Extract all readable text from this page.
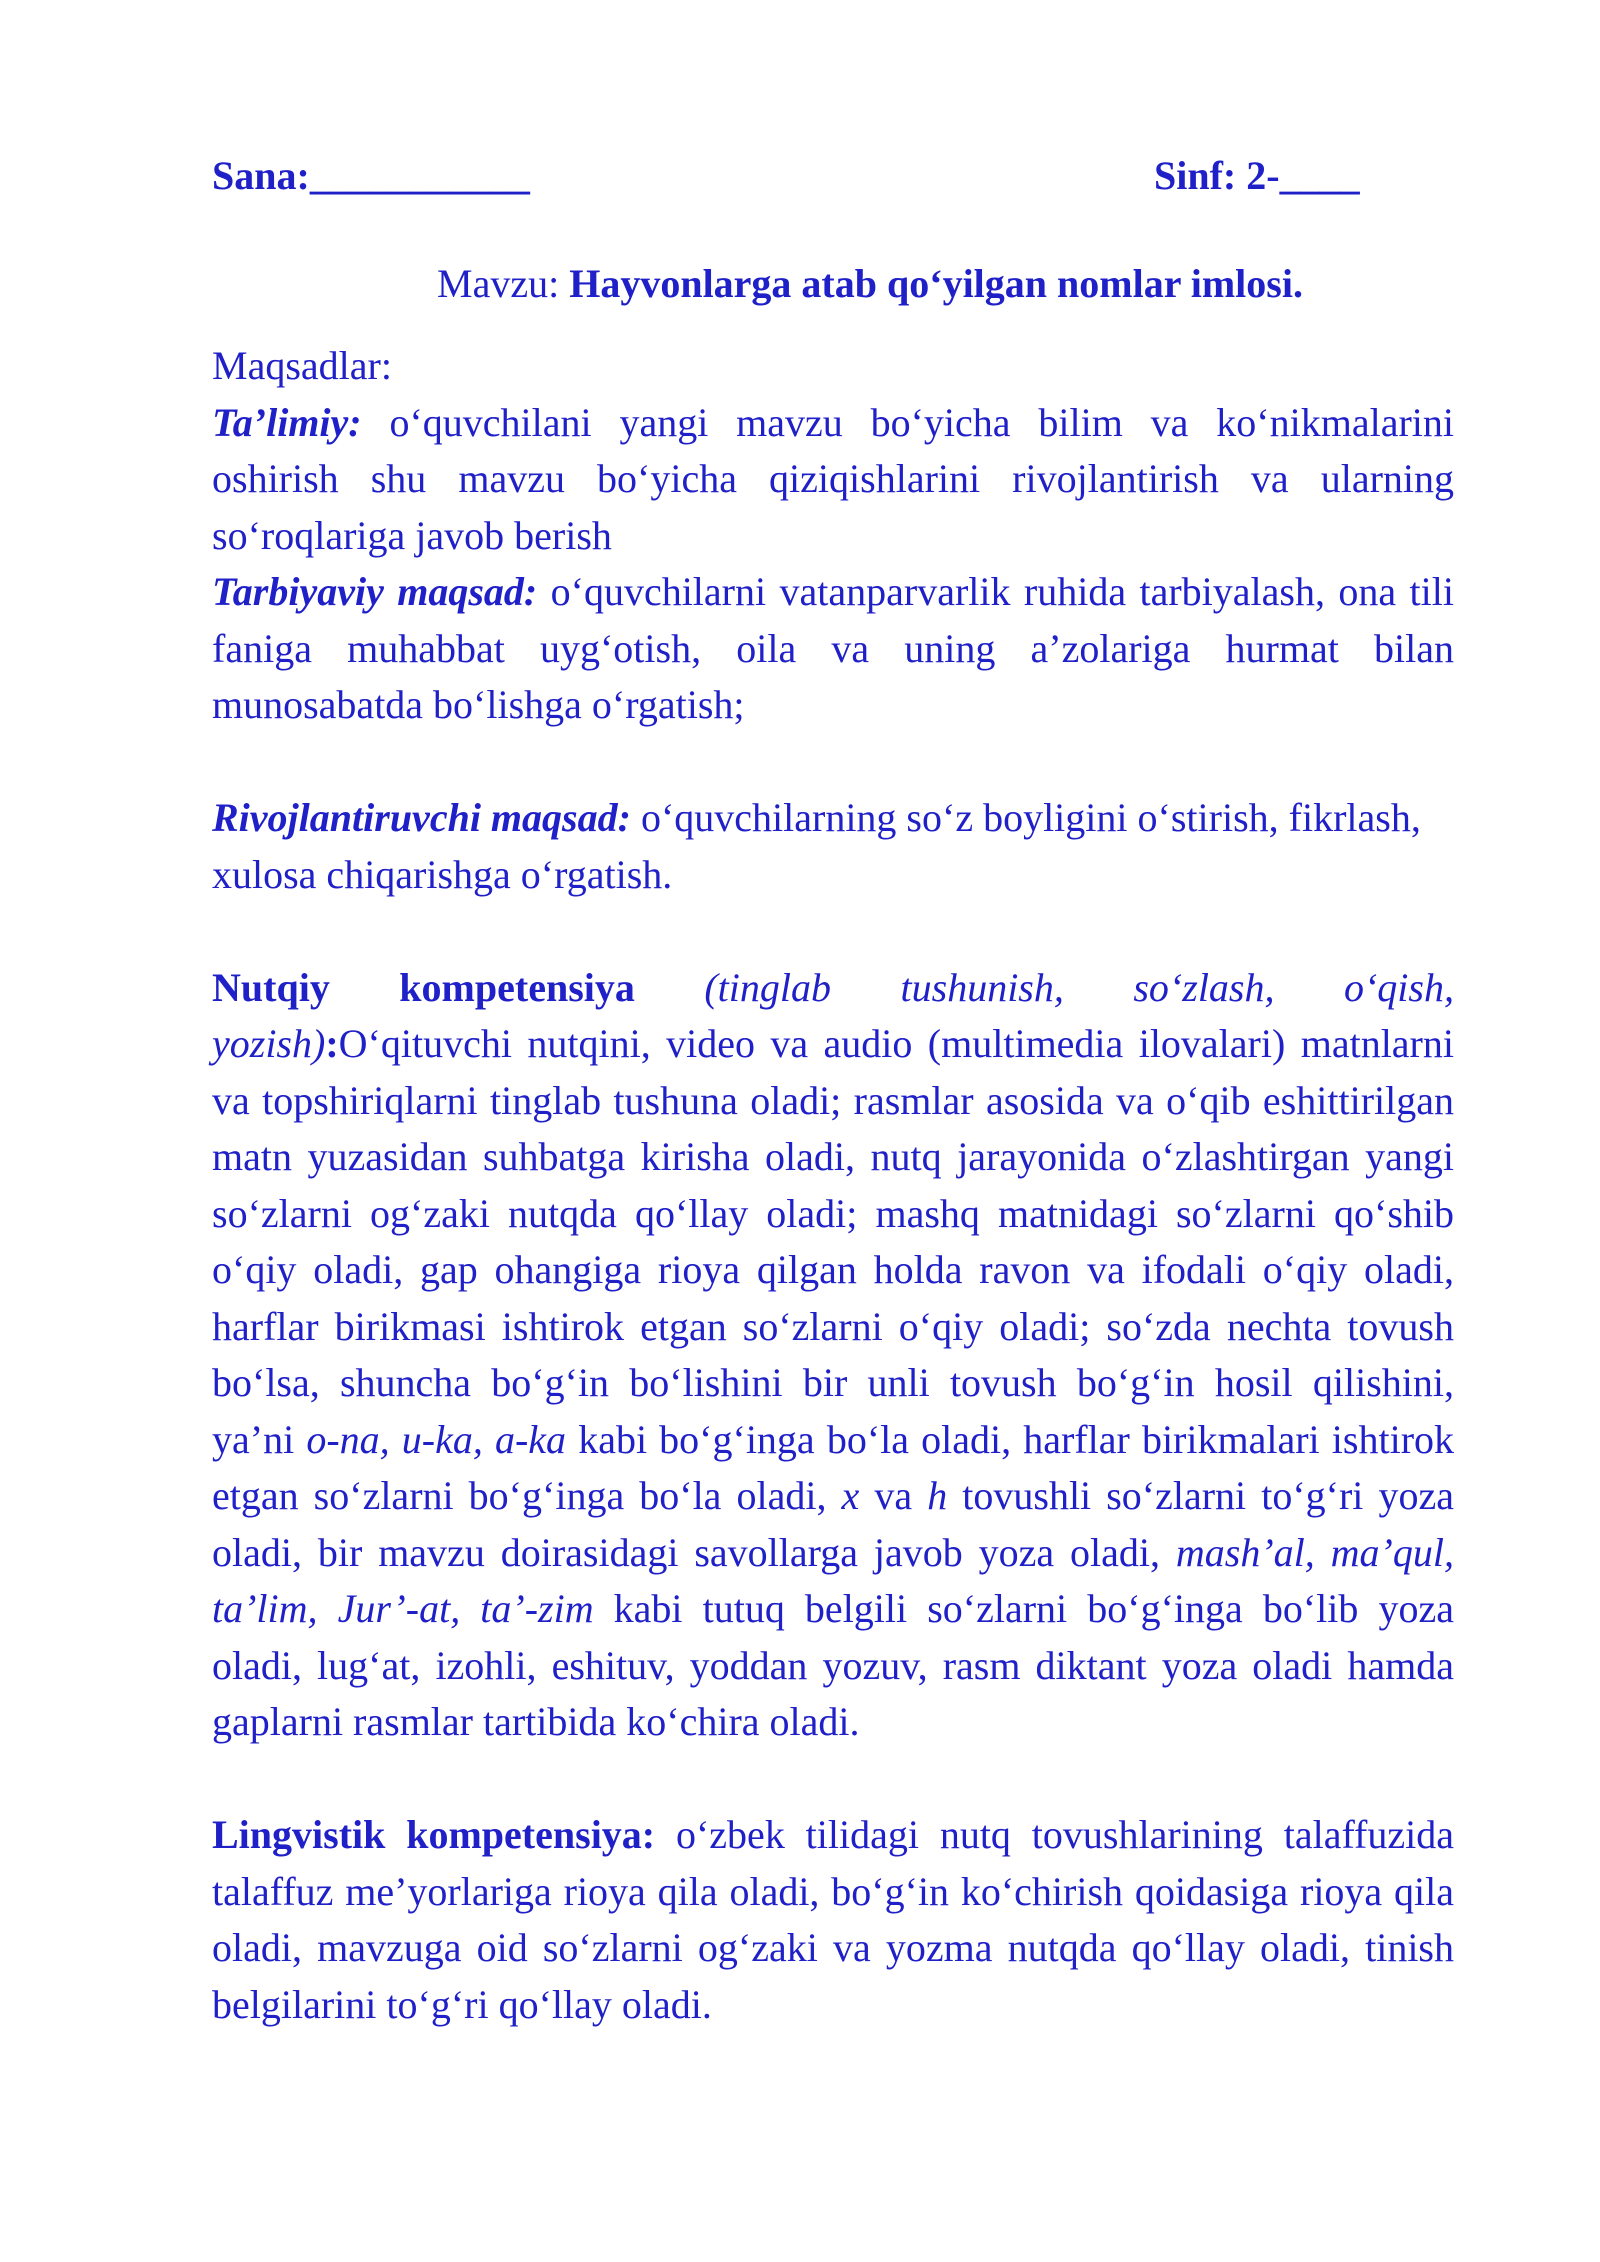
Sana:___________	Sinf: 2-____
Mavzu: Hayvonlarga atab qo‘yilgan nomlar imlosi.

Maqsadlar:

Ta’limiy: o‘quvchilani yangi mavzu bo‘yicha bilim va ko‘nikmalarini oshirish shu mavzu bo‘yicha qiziqishlarini rivojlantirish va ularning so‘roqlariga javob berish

Tarbiyaviy maqsad: o‘quvchilarni vatanparvarlik ruhida tarbiyalash, ona tili faniga muhabbat uyg‘otish, oila va uning a’zolariga hurmat bilan munosabatda bo‘lishga o‘rgatish;

Rivojlantiruvchi maqsad: o‘quvchilarning so‘z boyligini o‘stirish, fikrlash, xulosa chiqarishga o‘rgatish.

Nutqiy kompetensiya (tinglab tushunish, so‘zlash, o‘qish, yozish):O‘qituvchi nutqini, video va audio (multimedia ilovalari) matnlarni va topshiriqlarni tinglab tushuna oladi; rasmlar asosida va o‘qib eshittirilgan matn yuzasidan suhbatga kirisha oladi, nutq jarayonida o‘zlashtirgan yangi so‘zlarni og‘zaki nutqda qo‘llay oladi; mashq matnidagi so‘zlarni qo‘shib o‘qiy oladi, gap ohangiga rioya qilgan holda ravon va ifodali o‘qiy oladi, harflar birikmasi ishtirok etgan so‘zlarni o‘qiy oladi; so‘zda nechta tovush bo‘lsa, shuncha bo‘g‘in bo‘lishini bir unli tovush bo‘g‘in hosil qilishini, ya’ni o-na, u-ka, a-ka kabi bo‘g‘inga bo‘la oladi, harflar birikmalari ishtirok etgan so‘zlarni bo‘g‘inga bo‘la oladi, x va h tovushli so‘zlarni to‘g‘ri yoza oladi, bir mavzu doirasidagi savollarga javob yoza oladi, mash’al, ma’qul, ta’lim, Jur’-at, ta’-zim kabi tutuq belgili so‘zlarni bo‘g‘inga bo‘lib yoza oladi, lug‘at, izohli, eshituv, yoddan yozuv, rasm diktant yoza oladi hamda gaplarni rasmlar tartibida ko‘chira oladi.

Lingvistik kompetensiya: o‘zbek tilidagi nutq tovushlarining talaffuzida talaffuz me’yorlariga rioya qila oladi, bo‘g‘in ko‘chirish qoidasiga rioya qila oladi, mavzuga oid so‘zlarni og‘zaki va yozma nutqda qo‘llay oladi, tinish belgilarini to‘g‘ri qo‘llay oladi.
